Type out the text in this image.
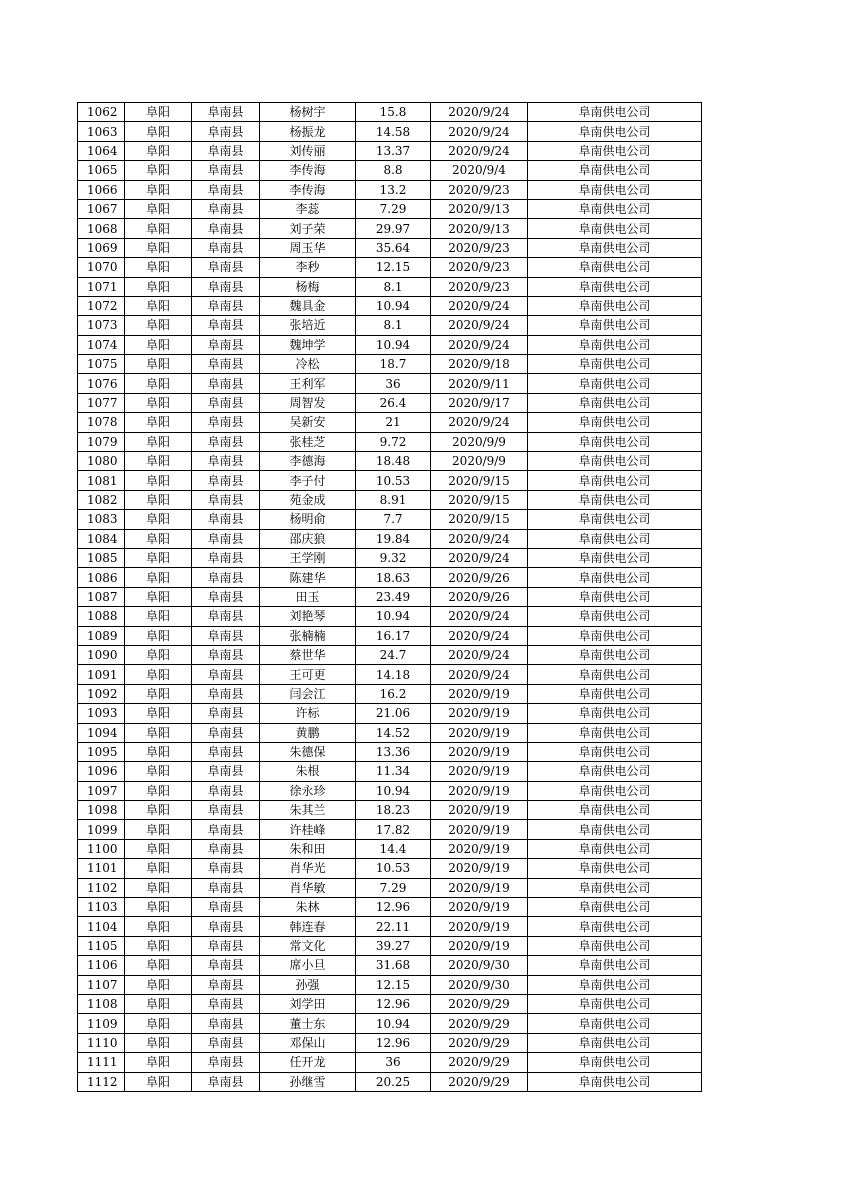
1062	阜阳	阜南县	杨树宇	15.8	2020/9/24	阜南供电公司
1063	阜阳	阜南县	杨振龙	14.58	2020/9/24	阜南供电公司
1064	阜阳	阜南县	刘传丽	13.37	2020/9/24	阜南供电公司
1065	阜阳	阜南县	李传海	8.8	2020/9/4	阜南供电公司
1066	阜阳	阜南县	李传海	13.2	2020/9/23	阜南供电公司
1067	阜阳	阜南县	李蕊	7.29	2020/9/13	阜南供电公司
1068	阜阳	阜南县	刘子荣	29.97	2020/9/13	阜南供电公司
1069	阜阳	阜南县	周玉华	35.64	2020/9/23	阜南供电公司
1070	阜阳	阜南县	李秒	12.15	2020/9/23	阜南供电公司
1071	阜阳	阜南县	杨梅	8.1	2020/9/23	阜南供电公司
1072	阜阳	阜南县	魏具金	10.94	2020/9/24	阜南供电公司
1073	阜阳	阜南县	张培近	8.1	2020/9/24	阜南供电公司
1074	阜阳	阜南县	魏坤学	10.94	2020/9/24	阜南供电公司
1075	阜阳	阜南县	冷松	18.7	2020/9/18	阜南供电公司
1076	阜阳	阜南县	王利军	36	2020/9/11	阜南供电公司
1077	阜阳	阜南县	周智发	26.4	2020/9/17	阜南供电公司
1078	阜阳	阜南县	吴新安	21	2020/9/24	阜南供电公司
1079	阜阳	阜南县	张桂芝	9.72	2020/9/9	阜南供电公司
1080	阜阳	阜南县	李德海	18.48	2020/9/9	阜南供电公司
1081	阜阳	阜南县	李子付	10.53	2020/9/15	阜南供电公司
1082	阜阳	阜南县	苑金成	8.91	2020/9/15	阜南供电公司
1083	阜阳	阜南县	杨明俞	7.7	2020/9/15	阜南供电公司
1084	阜阳	阜南县	邵庆狼	19.84	2020/9/24	阜南供电公司
1085	阜阳	阜南县	王学刚	9.32	2020/9/24	阜南供电公司
1086	阜阳	阜南县	陈建华	18.63	2020/9/26	阜南供电公司
1087	阜阳	阜南县	田玉	23.49	2020/9/26	阜南供电公司
1088	阜阳	阜南县	刘艳琴	10.94	2020/9/24	阜南供电公司
1089	阜阳	阜南县	张楠楠	16.17	2020/9/24	阜南供电公司
1090	阜阳	阜南县	蔡世华	24.7	2020/9/24	阜南供电公司
1091	阜阳	阜南县	王可更	14.18	2020/9/24	阜南供电公司
1092	阜阳	阜南县	闫会江	16.2	2020/9/19	阜南供电公司
1093	阜阳	阜南县	许标	21.06	2020/9/19	阜南供电公司
1094	阜阳	阜南县	黄鹏	14.52	2020/9/19	阜南供电公司
1095	阜阳	阜南县	朱德保	13.36	2020/9/19	阜南供电公司
1096	阜阳	阜南县	朱根	11.34	2020/9/19	阜南供电公司
1097	阜阳	阜南县	徐永珍	10.94	2020/9/19	阜南供电公司
1098	阜阳	阜南县	朱其兰	18.23	2020/9/19	阜南供电公司
1099	阜阳	阜南县	许桂峰	17.82	2020/9/19	阜南供电公司
1100	阜阳	阜南县	朱和田	14.4	2020/9/19	阜南供电公司
1101	阜阳	阜南县	肖华光	10.53	2020/9/19	阜南供电公司
1102	阜阳	阜南县	肖华敏	7.29	2020/9/19	阜南供电公司
1103	阜阳	阜南县	朱林	12.96	2020/9/19	阜南供电公司
1104	阜阳	阜南县	韩连春	22.11	2020/9/19	阜南供电公司
1105	阜阳	阜南县	常文化	39.27	2020/9/19	阜南供电公司
1106	阜阳	阜南县	席小旦	31.68	2020/9/30	阜南供电公司
1107	阜阳	阜南县	孙强	12.15	2020/9/30	阜南供电公司
1108	阜阳	阜南县	刘学田	12.96	2020/9/29	阜南供电公司
1109	阜阳	阜南县	董士东	10.94	2020/9/29	阜南供电公司
1110	阜阳	阜南县	邓保山	12.96	2020/9/29	阜南供电公司
1111	阜阳	阜南县	任开龙	36	2020/9/29	阜南供电公司
1112	阜阳	阜南县	孙继雪	20.25	2020/9/29	阜南供电公司
